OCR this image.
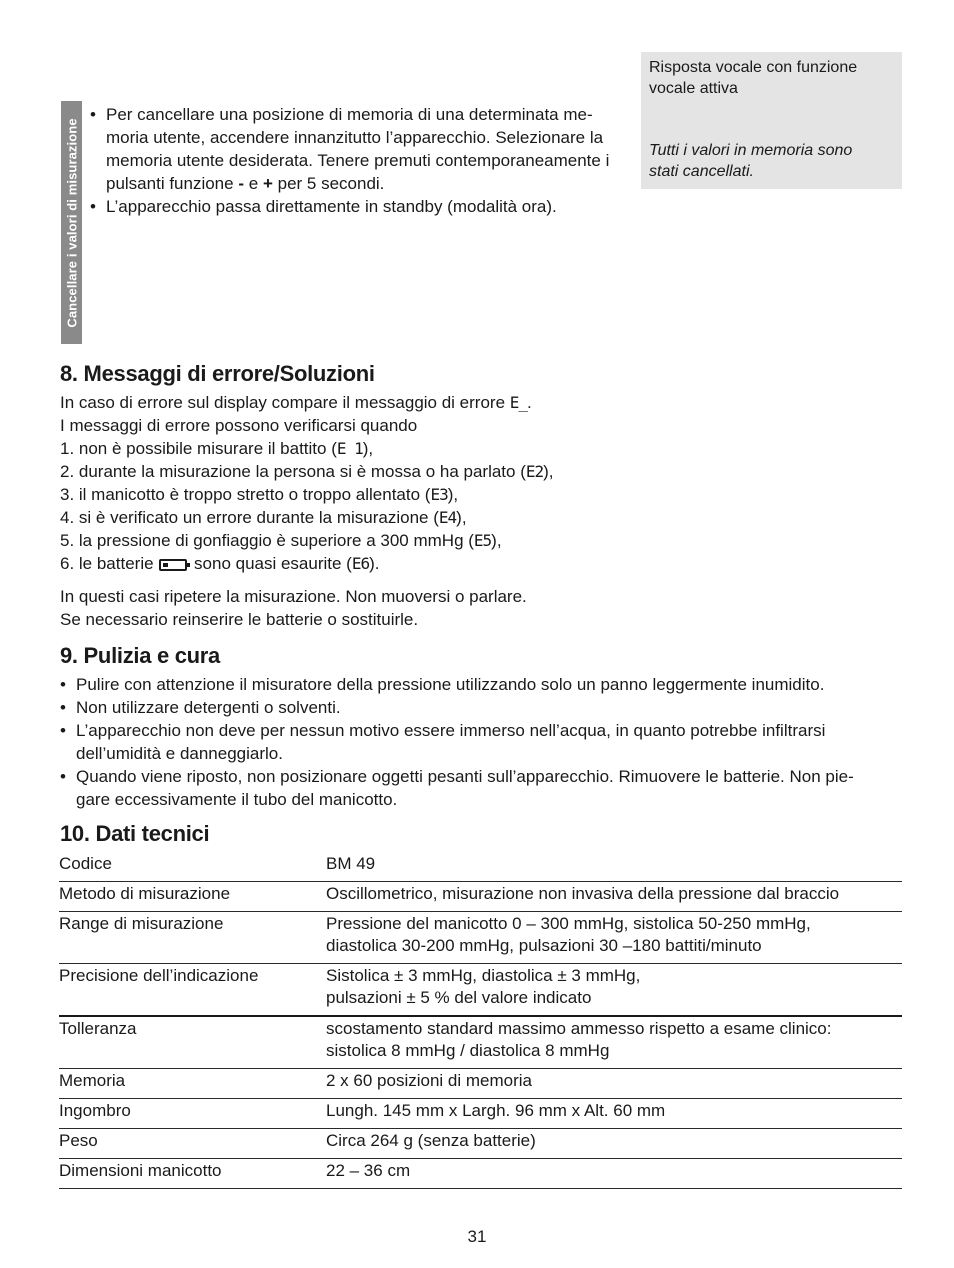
Cancellare i valori di misurazione
• Per cancellare una posizione di memoria di una determinata me-
moria utente, accendere innanzitutto l’apparecchio. Selezionare la
memoria utente desiderata. Tenere premuti contemporaneamente i
pulsanti funzione - e + per 5 secondi.
• L’apparecchio passa direttamente in standby (modalità ora).
Risposta vocale con funzione
vocale attiva
Tutti i valori in memoria sono
stati cancellati.
8. Messaggi di errore/Soluzioni
In caso di errore sul display compare il messaggio di errore E_.
I messaggi di errore possono verificarsi quando
1. non è possibile misurare il battito (E 1),
2. durante la misurazione la persona si è mossa o ha parlato (E2),
3. il manicotto è troppo stretto o troppo allentato (E3),
4. si è verificato un errore durante la misurazione (E4),
5. la pressione di gonfiaggio è superiore a 300 mmHg (E5),
6. le batterie sono quasi esaurite (E6).
In questi casi ripetere la misurazione. Non muoversi o parlare.
Se necessario reinserire le batterie o sostituirle.
9. Pulizia e cura
• Pulire con attenzione il misuratore della pressione utilizzando solo un panno leggermente inumidito.
• Non utilizzare detergenti o solventi.
• L’apparecchio non deve per nessun motivo essere immerso nell’acqua, in quanto potrebbe infiltrarsi
dell’umidità e danneggiarlo.
• Quando viene riposto, non posizionare oggetti pesanti sull’apparecchio. Rimuovere le batterie. Non pie-
gare eccessivamente il tubo del manicotto.
10. Dati tecnici
Codice	BM 49

Metodo di misurazione	Oscillometrico, misurazione non invasiva della pressione dal braccio

Range di misurazione	Pressione del manicotto 0 – 300 mmHg, sistolica 50-250 mmHg,
diastolica 30-200 mmHg, pulsazioni 30 –180 battiti/minuto

Precisione dell’indicazione	Sistolica ± 3 mmHg, diastolica ± 3 mmHg,
pulsazioni ± 5 % del valore indicato

Tolleranza	scostamento standard massimo ammesso rispetto a esame clinico:
sistolica 8 mmHg / diastolica 8 mmHg

Memoria	2 x 60 posizioni di memoria

Ingombro	Lungh. 145 mm x Largh. 96 mm x Alt. 60 mm

Peso	Circa 264 g (senza batterie)

Dimensioni manicotto	22 – 36 cm
31
